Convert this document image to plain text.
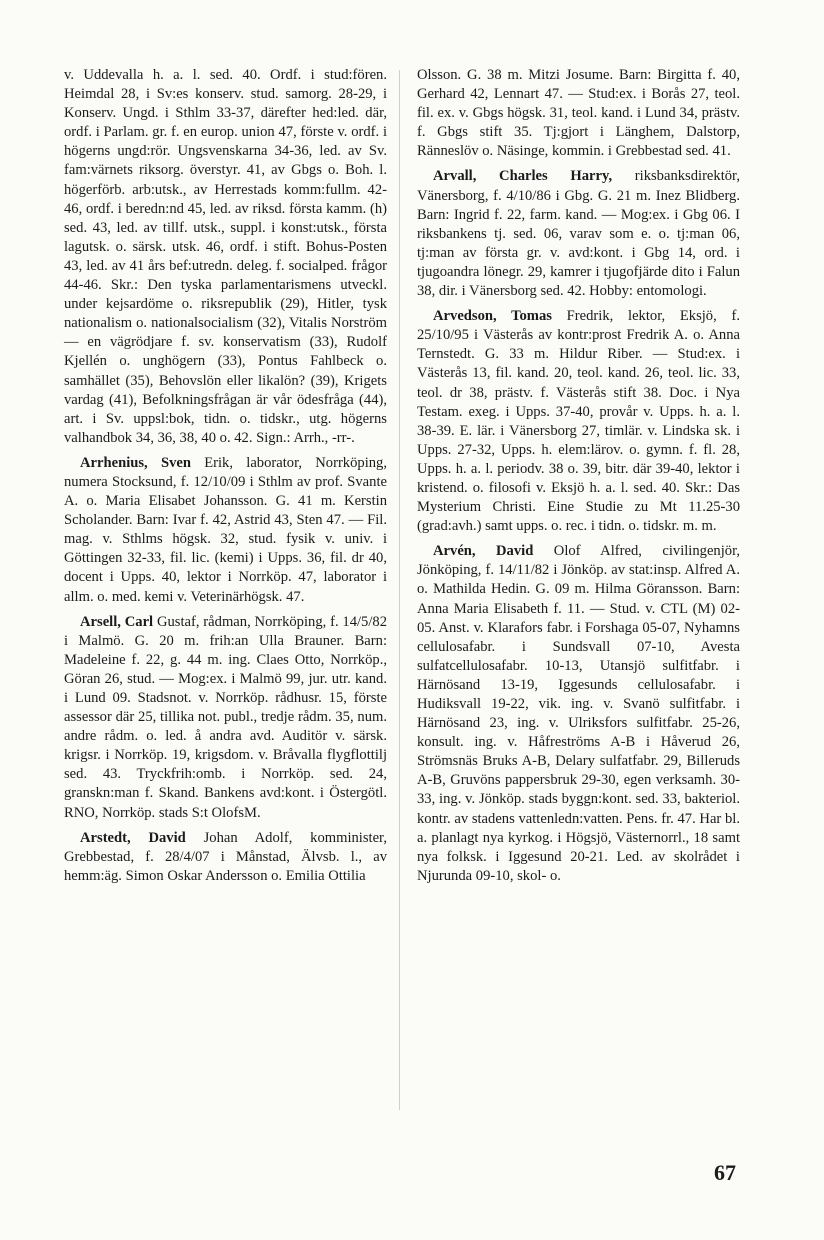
v. Uddevalla h. a. l. sed. 40. Ordf. i stud:fören. Heimdal 28, i Sv:es konserv. stud. samorg. 28-29, i Konserv. Ungd. i Sthlm 33-37, därefter hed:led. där, ordf. i Parlam. gr. f. en europ. union 47, förste v. ordf. i högerns ungd:rör. Ungsvenskarna 34-36, led. av Sv. fam:värnets riksorg. överstyr. 41, av Gbgs o. Boh. l. högerförb. arb:utsk., av Herrestads komm:fullm. 42-46, ordf. i beredn:nd 45, led. av riksd. första kamm. (h) sed. 43, led. av tillf. utsk., suppl. i konst:utsk., första lagutsk. o. särsk. utsk. 46, ordf. i stift. Bohus-Posten 43, led. av 41 års bef:utredn. deleg. f. socialped. frågor 44-46. Skr.: Den tyska parlamentarismens utveckl. under kejsardöme o. riksrepublik (29), Hitler, tysk nationalism o. nationalsocialism (32), Vitalis Norström — en vägrödjare f. sv. konservatism (33), Rudolf Kjellén o. unghögern (33), Pontus Fahlbeck o. samhället (35), Behovslön eller likalön? (39), Krigets vardag (41), Befolkningsfrågan är vår ödesfråga (44), art. i Sv. uppsl:bok, tidn. o. tidskr., utg. högerns valhandbok 34, 36, 38, 40 o. 42. Sign.: Arrh., -rr-.

Arrhenius, Sven Erik, laborator, Norrköping, numera Stocksund, f. 12/10/09 i Sthlm av prof. Svante A. o. Maria Elisabet Johansson. G. 41 m. Kerstin Scholander. Barn: Ivar f. 42, Astrid 43, Sten 47. — Fil. mag. v. Sthlms högsk. 32, stud. fysik v. univ. i Göttingen 32-33, fil. lic. (kemi) i Upps. 36, fil. dr 40, docent i Upps. 40, lektor i Norrköp. 47, laborator i allm. o. med. kemi v. Veterinärhögsk. 47.

Arsell, Carl Gustaf, rådman, Norrköping, f. 14/5/82 i Malmö. G. 20 m. frih:an Ulla Brauner. Barn: Madeleine f. 22, g. 44 m. ing. Claes Otto, Norrköp., Göran 26, stud. — Mog:ex. i Malmö 99, jur. utr. kand. i Lund 09. Stadsnot. v. Norrköp. rådhusr. 15, förste assessor där 25, tillika not. publ., tredje rådm. 35, num. andre rådm. o. led. å andra avd. Auditör v. särsk. krigsr. i Norrköp. 19, krigsdom. v. Bråvalla flygflottilj sed. 43. Tryckfrih:omb. i Norrköp. sed. 24, granskn:man f. Skand. Bankens avd:kont. i Östergötl. RNO, Norrköp. stads S:t OlofsM.

Arstedt, David Johan Adolf, komminister, Grebbestad, f. 28/4/07 i Månstad, Älvsb. l., av hemm:äg. Simon Oskar Andersson o. Emilia Ottilia

Olsson. G. 38 m. Mitzi Josume. Barn: Birgitta f. 40, Gerhard 42, Lennart 47. — Stud:ex. i Borås 27, teol. fil. ex. v. Gbgs högsk. 31, teol. kand. i Lund 34, prästv. f. Gbgs stift 35. Tj:gjort i Länghem, Dalstorp, Ränneslöv o. Näsinge, kommin. i Grebbestad sed. 41.

Arvall, Charles Harry, riksbanksdirektör, Vänersborg, f. 4/10/86 i Gbg. G. 21 m. Inez Blidberg. Barn: Ingrid f. 22, farm. kand. — Mog:ex. i Gbg 06. I riksbankens tj. sed. 06, varav som e. o. tj:man 06, tj:man av första gr. v. avd:kont. i Gbg 14, ord. i tjugoandra lönegr. 29, kamrer i tjugofjärde dito i Falun 38, dir. i Vänersborg sed. 42. Hobby: entomologi.

Arvedson, Tomas Fredrik, lektor, Eksjö, f. 25/10/95 i Västerås av kontr:prost Fredrik A. o. Anna Ternstedt. G. 33 m. Hildur Riber. — Stud:ex. i Västerås 13, fil. kand. 20, teol. kand. 26, teol. lic. 33, teol. dr 38, prästv. f. Västerås stift 38. Doc. i Nya Testam. exeg. i Upps. 37-40, provår v. Upps. h. a. l. 38-39. E. lär. i Vänersborg 27, timlär. v. Lindska sk. i Upps. 27-32, Upps. h. elem:lärov. o. gymn. f. fl. 28, Upps. h. a. l. periodv. 38 o. 39, bitr. där 39-40, lektor i kristend. o. filosofi v. Eksjö h. a. l. sed. 40. Skr.: Das Mysterium Christi. Eine Studie zu Mt 11.25-30 (grad:avh.) samt upps. o. rec. i tidn. o. tidskr. m. m.

Arvén, David Olof Alfred, civilingenjör, Jönköping, f. 14/11/82 i Jönköp. av stat:insp. Alfred A. o. Mathilda Hedin. G. 09 m. Hilma Göransson. Barn: Anna Maria Elisabeth f. 11. — Stud. v. CTL (M) 02-05. Anst. v. Klarafors fabr. i Forshaga 05-07, Nyhamns cellulosafabr. i Sundsvall 07-10, Avesta sulfatcellulosafabr. 10-13, Utansjö sulfitfabr. i Härnösand 13-19, Iggesunds cellulosafabr. i Hudiksvall 19-22, vik. ing. v. Svanö sulfitfabr. i Härnösand 23, ing. v. Ulriksfors sulfitfabr. 25-26, konsult. ing. v. Håfreströms A-B i Håverud 26, Strömsnäs Bruks A-B, Delary sulfatfabr. 29, Billeruds A-B, Gruvöns pappersbruk 29-30, egen verksamh. 30-33, ing. v. Jönköp. stads byggn:kont. sed. 33, bakteriol. kontr. av stadens vattenledn:vatten. Pens. fr. 47. Har bl. a. planlagt nya kyrkog. i Högsjö, Västernorrl., 18 samt nya folksk. i Iggesund 20-21. Led. av skolrådet i Njurunda 09-10, skol- o.

67
